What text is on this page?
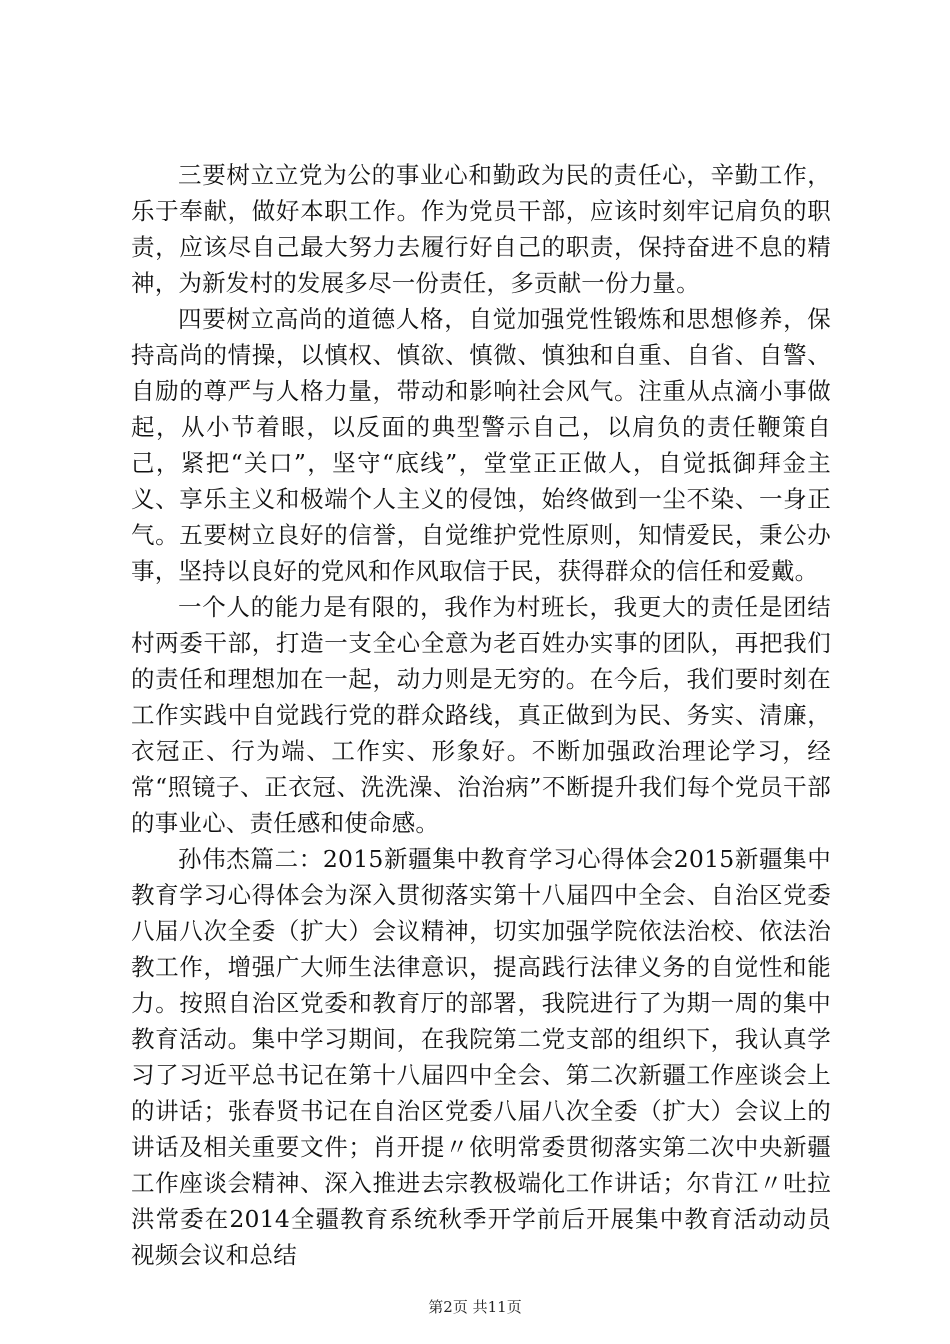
三要树立立党为公的事业心和勤政为民的责任心，辛勤工作，乐于奉献，做好本职工作。作为党员干部，应该时刻牢记肩负的职责，应该尽自己最大努力去履行好自己的职责，保持奋进不息的精神，为新发村的发展多尽一份责任，多贡献一份力量。

四要树立高尚的道德人格，自觉加强党性锻炼和思想修养，保持高尚的情操，以慎权、慎欲、慎微、慎独和自重、自省、自警、自励的尊严与人格力量，带动和影响社会风气。注重从点滴小事做起，从小节着眼，以反面的典型警示自己，以肩负的责任鞭策自己，紧把“关口”，坚守“底线”，堂堂正正做人，自觉抵御拜金主义、享乐主义和极端个人主义的侵蚀，始终做到一尘不染、一身正气。五要树立良好的信誉，自觉维护党性原则，知情爱民，秉公办事，坚持以良好的党风和作风取信于民，获得群众的信任和爱戴。

一个人的能力是有限的，我作为村班长，我更大的责任是团结村两委干部，打造一支全心全意为老百姓办实事的团队，再把我们的责任和理想加在一起，动力则是无穷的。在今后，我们要时刻在工作实践中自觉践行党的群众路线，真正做到为民、务实、清廉，衣冠正、行为端、工作实、形象好。不断加强政治理论学习，经常“照镜子、正衣冠、洗洗澡、治治病”不断提升我们每个党员干部的事业心、责任感和使命感。

孙伟杰篇二：2015新疆集中教育学习心得体会2015新疆集中教育学习心得体会为深入贯彻落实第十八届四中全会、自治区党委八届八次全委（扩大）会议精神，切实加强学院依法治校、依法治教工作，增强广大师生法律意识，提高践行法律义务的自觉性和能力。按照自治区党委和教育厅的部署，我院进行了为期一周的集中教育活动。集中学习期间，在我院第二党支部的组织下，我认真学习了习近平总书记在第十八届四中全会、第二次新疆工作座谈会上的讲话；张春贤书记在自治区党委八届八次全委（扩大）会议上的讲话及相关重要文件；肖开提〃依明常委贯彻落实第二次中央新疆工作座谈会精神、深入推进去宗教极端化工作讲话；尔肯江〃吐拉洪常委在2014全疆教育系统秋季开学前后开展集中教育活动动员视频会议和总结

第2页 共11页
